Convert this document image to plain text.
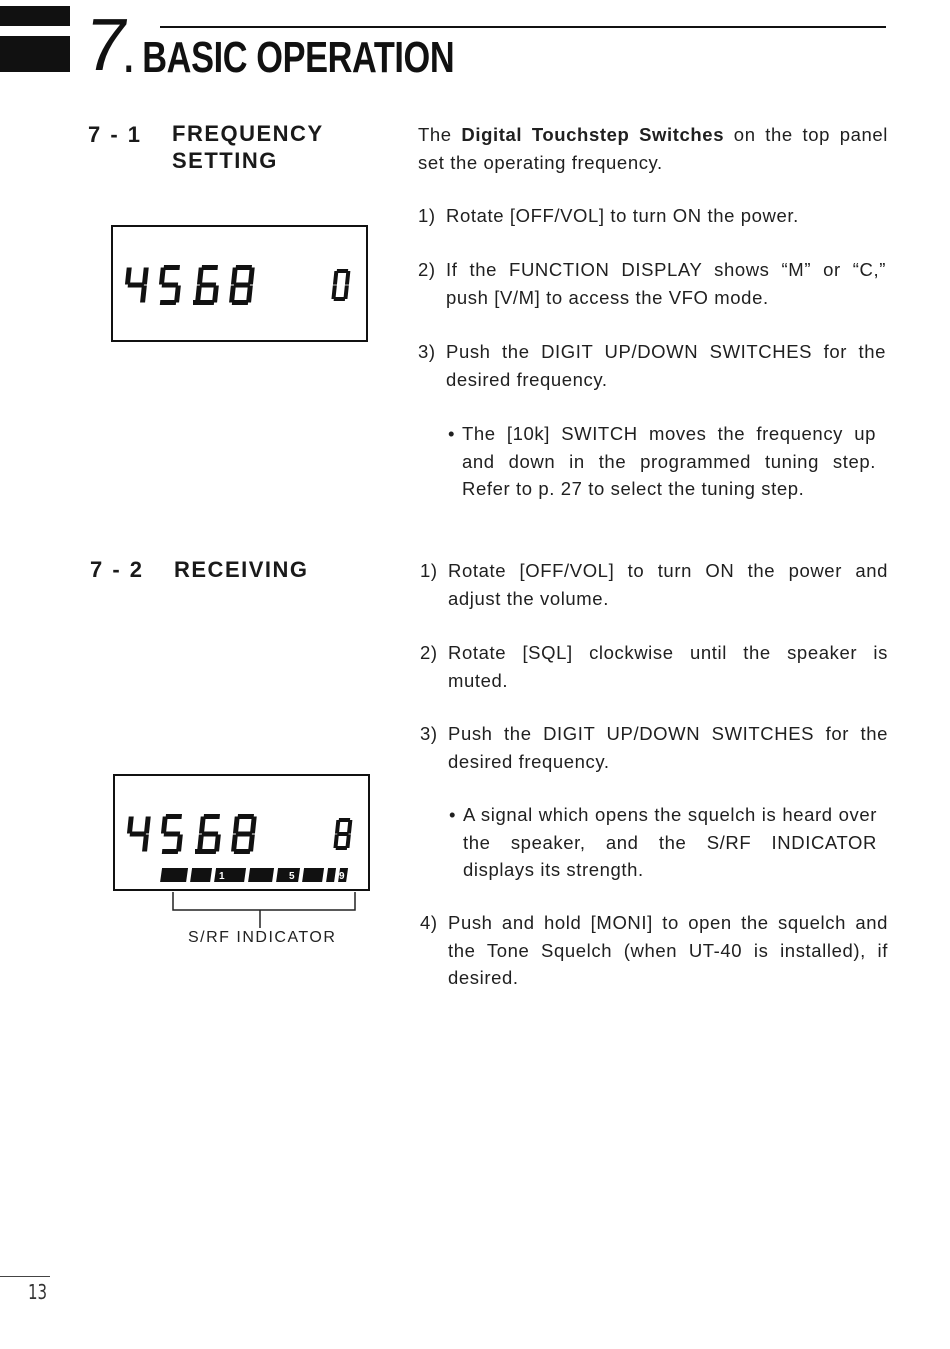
7
. BASIC OPERATION
7 - 1 FREQUENCY
SETTING
The Digital Touchstep Switches on the top panel set the operating frequency.
1) Rotate [OFF/VOL] to turn ON the power.
2) If the FUNCTION DISPLAY shows “M” or “C,” push [V/M] to access the VFO mode.
3) Push the DIGIT UP/DOWN SWITCHES for the desired frequency.
• The [10k] SWITCH moves the frequency up and down in the programmed tuning step. Refer to p. 27 to select the tuning step.
7 - 2 RECEIVING	1) Rotate [OFF/VOL] to turn ON the power and adjust the volume.
2) Rotate [SQL] clockwise until the speaker is muted.
3) Push the DIGIT UP/DOWN SWITCHES for the desired frequency.
• A signal which opens the squelch is heard over the speaker, and the S/RF INDICATOR displays its strength.
4) Push and hold [MONI] to open the squelch and the Tone Squelch (when UT-40 is installed), if desired.
1	5	9
S/RF INDICATOR
13
